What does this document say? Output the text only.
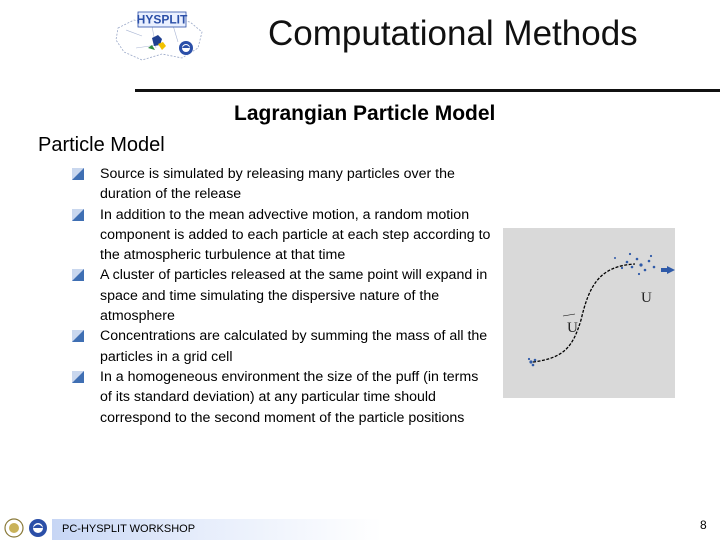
HYSPLIT Computational Methods
Lagrangian Particle Model
Particle Model
Source is simulated by releasing many particles over the duration of the release
In addition to the mean advective motion, a random motion component is added to each particle at each step according to the atmospheric turbulence at that time
A cluster of particles released at the same point will expand in space and time simulating the dispersive nature of the atmosphere
Concentrations are calculated by summing the mass of all the particles in a grid cell
In a homogeneous environment the size of the puff (in terms of its standard deviation) at any particular time should correspond to the second moment of the particle positions
U
U
PC-HYSPLIT WORKSHOP	8
